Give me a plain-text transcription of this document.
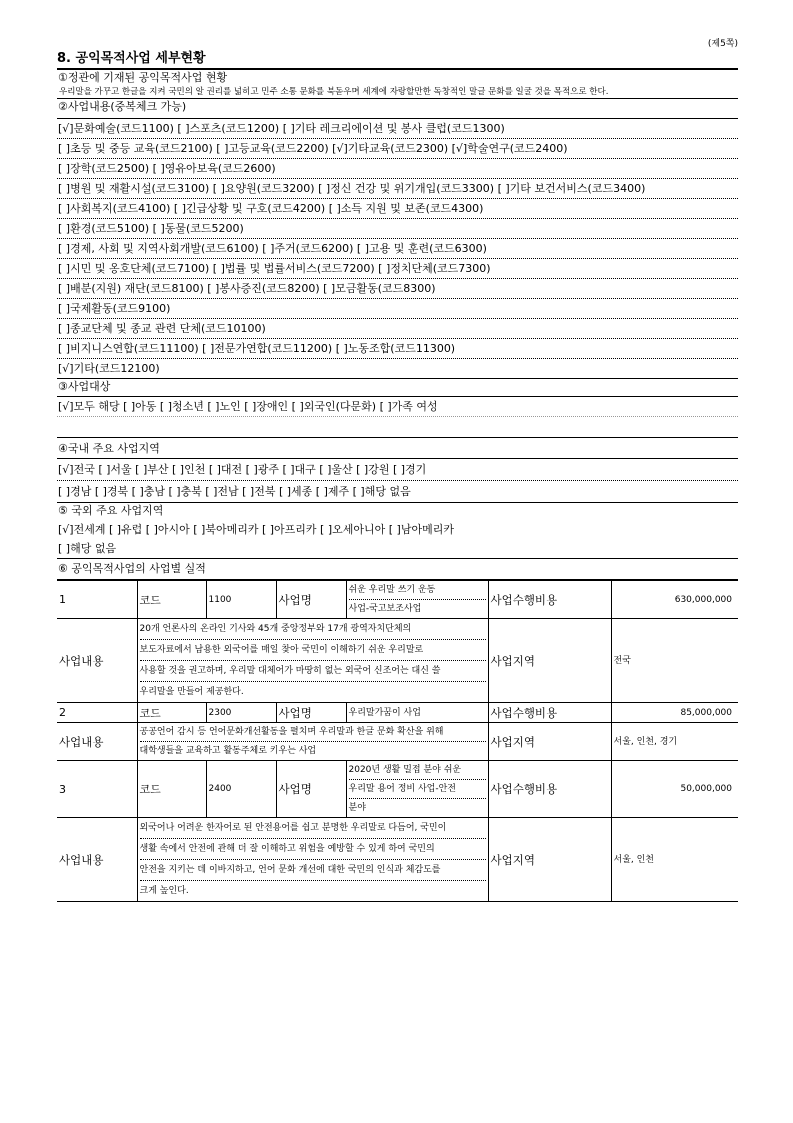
(제5쪽)
8. 공익목적사업 세부현황
①정관에 기재된 공익목적사업 현황
우리말을 가꾸고 한글을 지켜 국민의 알 권리를 넓히고 민주 소통 문화를 북돋우며 세계에 자랑할만한 독창적인 말글 문화를 일굴 것을 목적으로 한다.
②사업내용(중복체크 가능)
[√]문화예술(코드1100) [ ]스포츠(코드1200) [ ]기타 레크리에이션 및 봉사 클럽(코드1300)
[ ]초등 및 중등 교육(코드2100) [ ]고등교육(코드2200) [√]기타교육(코드2300) [√]학술연구(코드2400)
[ ]장학(코드2500) [ ]영유아보육(코드2600)
[ ]병원 및 재활시설(코드3100) [ ]요양원(코드3200) [ ]정신 건강 및 위기개입(코드3300) [ ]기타 보건서비스(코드3400)
[ ]사회복지(코드4100) [ ]긴급상황 및 구호(코드4200) [ ]소득 지원 및 보존(코드4300)
[ ]환경(코드5100) [ ]동물(코드5200)
[ ]경제, 사회 및 지역사회개발(코드6100) [ ]주거(코드6200) [ ]고용 및 훈련(코드6300)
[ ]시민 및 옹호단체(코드7100) [ ]법률 및 법률서비스(코드7200) [ ]정치단체(코드7300)
[ ]배분(지원) 재단(코드8100) [ ]봉사증진(코드8200) [ ]모금활동(코드8300)
[ ]국제활동(코드9100)
[ ]종교단체 및 종교 관련 단체(코드10100)
[ ]비지니스연합(코드11100) [ ]전문가연합(코드11200) [ ]노동조합(코드11300)
[√]기타(코드12100)
③사업대상
[√]모두 해당 [ ]아동 [ ]청소년 [ ]노인 [ ]장애인 [ ]외국인(다문화) [ ]가족 여성
④국내 주요 사업지역
[√]전국 [ ]서울 [ ]부산 [ ]인천 [ ]대전 [ ]광주 [ ]대구 [ ]울산 [ ]강원 [ ]경기
[ ]경남 [ ]경북 [ ]충남 [ ]충북 [ ]전남 [ ]전북 [ ]세종 [ ]제주 [ ]해당 없음
⑤ 국외 주요 사업지역
[√]전세계 [ ]유럽 [ ]아시아 [ ]북아메리카 [ ]아프리카 [ ]오세아니아 [ ]남아메리카
[ ]해당 없음
⑥ 공익목적사업의 사업별 실적
1	코드	1100	사업명	쉬운 우리말 쓰기 운동
사업-국고보조사업	사업수행비용	630,000,000
사업내용	20개 언론사의 온라인 기사와 45개 중앙정부와 17개 광역자치단체의
보도자료에서 남용한 외국어를 매일 찾아 국민이 이해하기 쉬운 우리말로
사용할 것을 권고하며, 우리말 대체어가 마땅히 없는 외국어 신조어는 대신 쓸
우리말을 만들어 제공한다.				사업지역	전국
2	코드	2300	사업명	우리말가꿈이 사업	사업수행비용	85,000,000
사업내용	공공언어 감시 등 언어문화개선활동을 펼치며 우리말과 한글 문화 확산을 위해
대학생들을 교육하고 활동주체로 키우는 사업				사업지역	서울, 인천, 경기
3	코드	2400	사업명	2020년 생활 밀접 분야 쉬운
우리말 용어 정비 사업-안전
분야	사업수행비용	50,000,000
사업내용	외국어나 어려운 한자어로 된 안전용어를 쉽고 분명한 우리말로 다듬어, 국민이
생활 속에서 안전에 관해 더 잘 이해하고 위험을 예방할 수 있게 하여 국민의
안전을 지키는 데 이바지하고, 언어 문화 개선에 대한 국민의 인식과 체감도를
크게 높인다.				사업지역	서울, 인천
